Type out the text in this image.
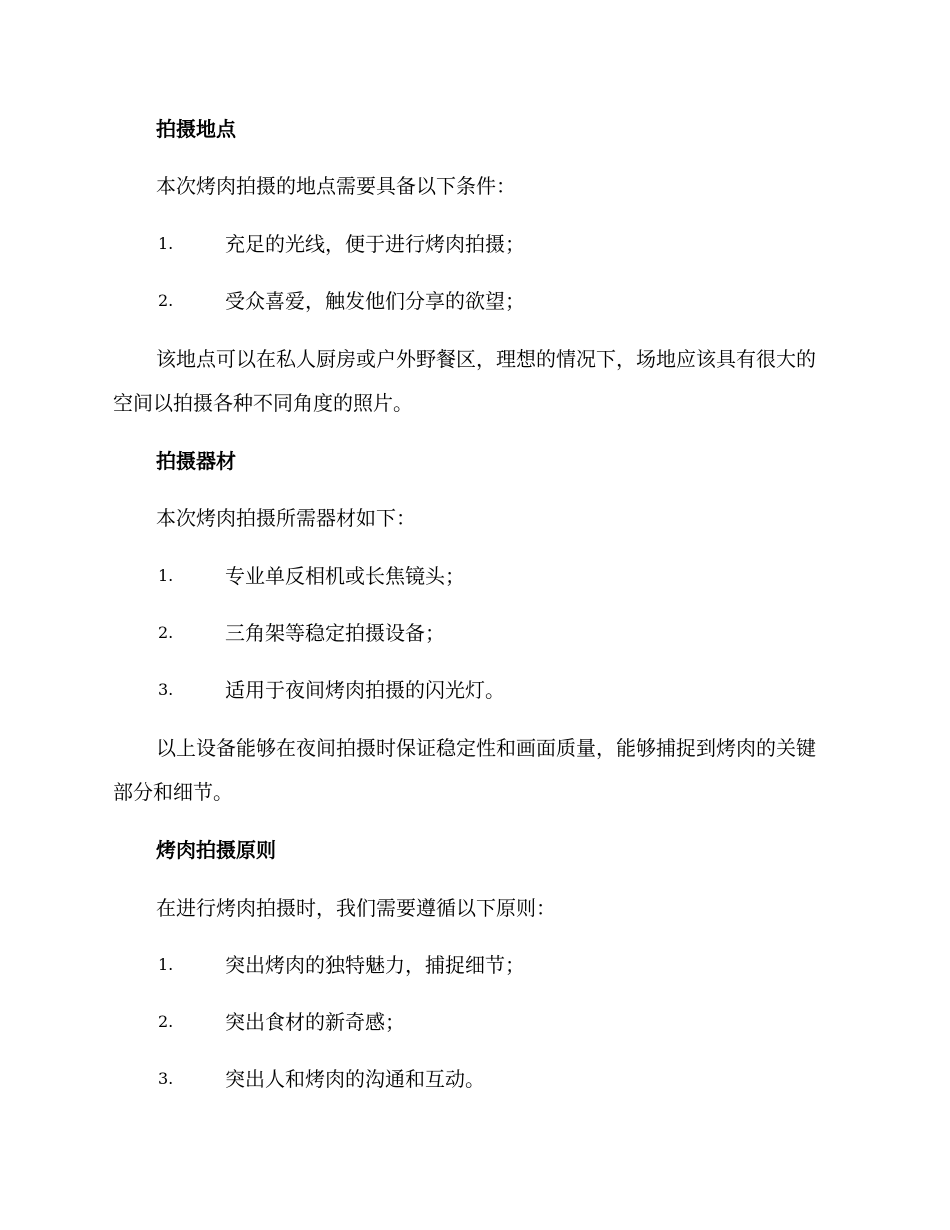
拍摄地点
本次烤肉拍摄的地点需要具备以下条件：
1.	充足的光线，便于进行烤肉拍摄；
2.	受众喜爱，触发他们分享的欲望；
该地点可以在私人厨房或户外野餐区，理想的情况下，场地应该具有很大的空间以拍摄各种不同角度的照片。
拍摄器材
本次烤肉拍摄所需器材如下：
1.	专业单反相机或长焦镜头；
2.	三角架等稳定拍摄设备；
3.	适用于夜间烤肉拍摄的闪光灯。
以上设备能够在夜间拍摄时保证稳定性和画面质量，能够捕捉到烤肉的关键部分和细节。
烤肉拍摄原则
在进行烤肉拍摄时，我们需要遵循以下原则：
1.	突出烤肉的独特魅力，捕捉细节；
2.	突出食材的新奇感；
3.	突出人和烤肉的沟通和互动。
